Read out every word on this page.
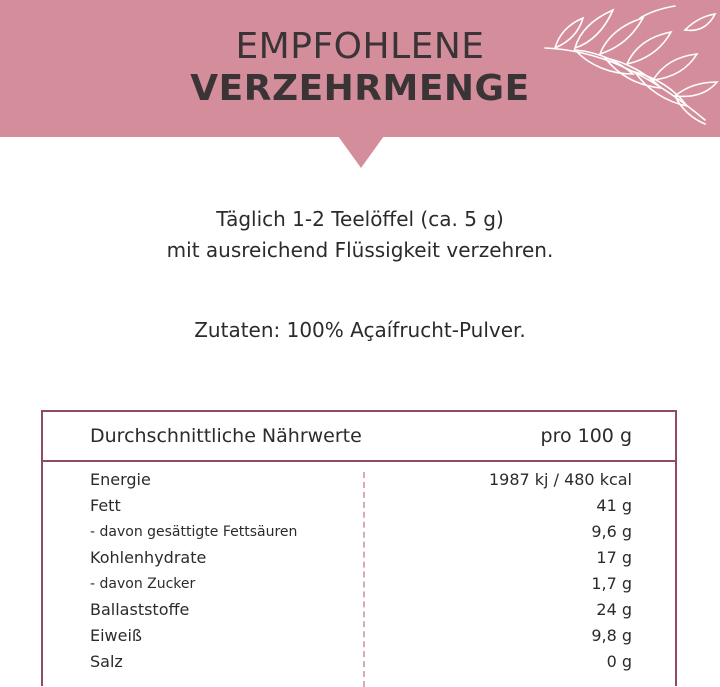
EMPFOHLENE
VERZEHRMENGE
Täglich 1-2 Teelöffel (ca. 5 g)
mit ausreichend Flüssigkeit verzehren.
Zutaten: 100% Açaífrucht-Pulver.
Durchschnittliche Nährwerte	pro 100 g
Energie	1987 kj / 480 kcal
Fett	41 g
- davon gesättigte Fettsäuren	9,6 g
Kohlenhydrate	17 g
- davon Zucker	1,7 g
Ballaststoffe	24 g
Eiweiß	9,8 g
Salz	0 g
